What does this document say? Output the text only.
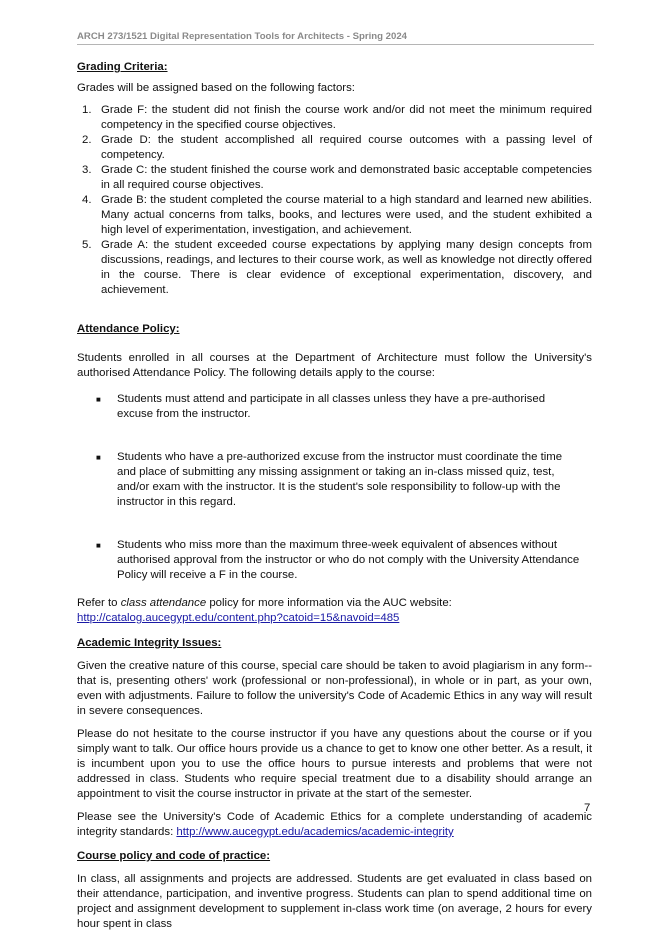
ARCH 273/1521 Digital Representation Tools for Architects - Spring 2024
Grading Criteria:

Grades will be assigned based on the following factors:

1. Grade F: the student did not finish the course work and/or did not meet the minimum required competency in the specified course objectives.
2. Grade D: the student accomplished all required course outcomes with a passing level of competency.
3. Grade C: the student finished the course work and demonstrated basic acceptable competencies in all required course objectives.
4. Grade B: the student completed the course material to a high standard and learned new abilities. Many actual concerns from talks, books, and lectures were used, and the student exhibited a high level of experimentation, investigation, and achievement.
5. Grade A: the student exceeded course expectations by applying many design concepts from discussions, readings, and lectures to their course work, as well as knowledge not directly offered in the course. There is clear evidence of exceptional experimentation, discovery, and achievement.
Attendance Policy:

Students enrolled in all courses at the Department of Architecture must follow the University's authorised Attendance Policy. The following details apply to the course:

■ Students must attend and participate in all classes unless they have a pre-authorised excuse from the instructor.
■ Students who have a pre-authorized excuse from the instructor must coordinate the time and place of submitting any missing assignment or taking an in-class missed quiz, test, and/or exam with the instructor. It is the student's sole responsibility to follow-up with the instructor in this regard.
■ Students who miss more than the maximum three-week equivalent of absences without authorised approval from the instructor or who do not comply with the University Attendance Policy will receive a F in the course.

Refer to class attendance policy for more information via the AUC website:
http://catalog.aucegypt.edu/content.php?catoid=15&navoid=485

Academic Integrity Issues:

Given the creative nature of this course, special care should be taken to avoid plagiarism in any form--that is, presenting others' work (professional or non-professional), in whole or in part, as your own, even with adjustments. Failure to follow the university's Code of Academic Ethics in any way will result in severe consequences.

Please do not hesitate to the course instructor if you have any questions about the course or if you simply want to talk. Our office hours provide us a chance to get to know one other better. As a result, it is incumbent upon you to use the office hours to pursue interests and problems that were not addressed in class. Students who require special treatment due to a disability should arrange an appointment to visit the course instructor in private at the start of the semester.

Please see the University's Code of Academic Ethics for a complete understanding of academic integrity standards: http://www.aucegypt.edu/academics/academic-integrity

Course policy and code of practice:

In class, all assignments and projects are addressed. Students are get evaluated in class based on their attendance, participation, and inventive progress. Students can plan to spend additional time on project and assignment development to supplement in-class work time (on average, 2 hours for every hour spent in class

7
